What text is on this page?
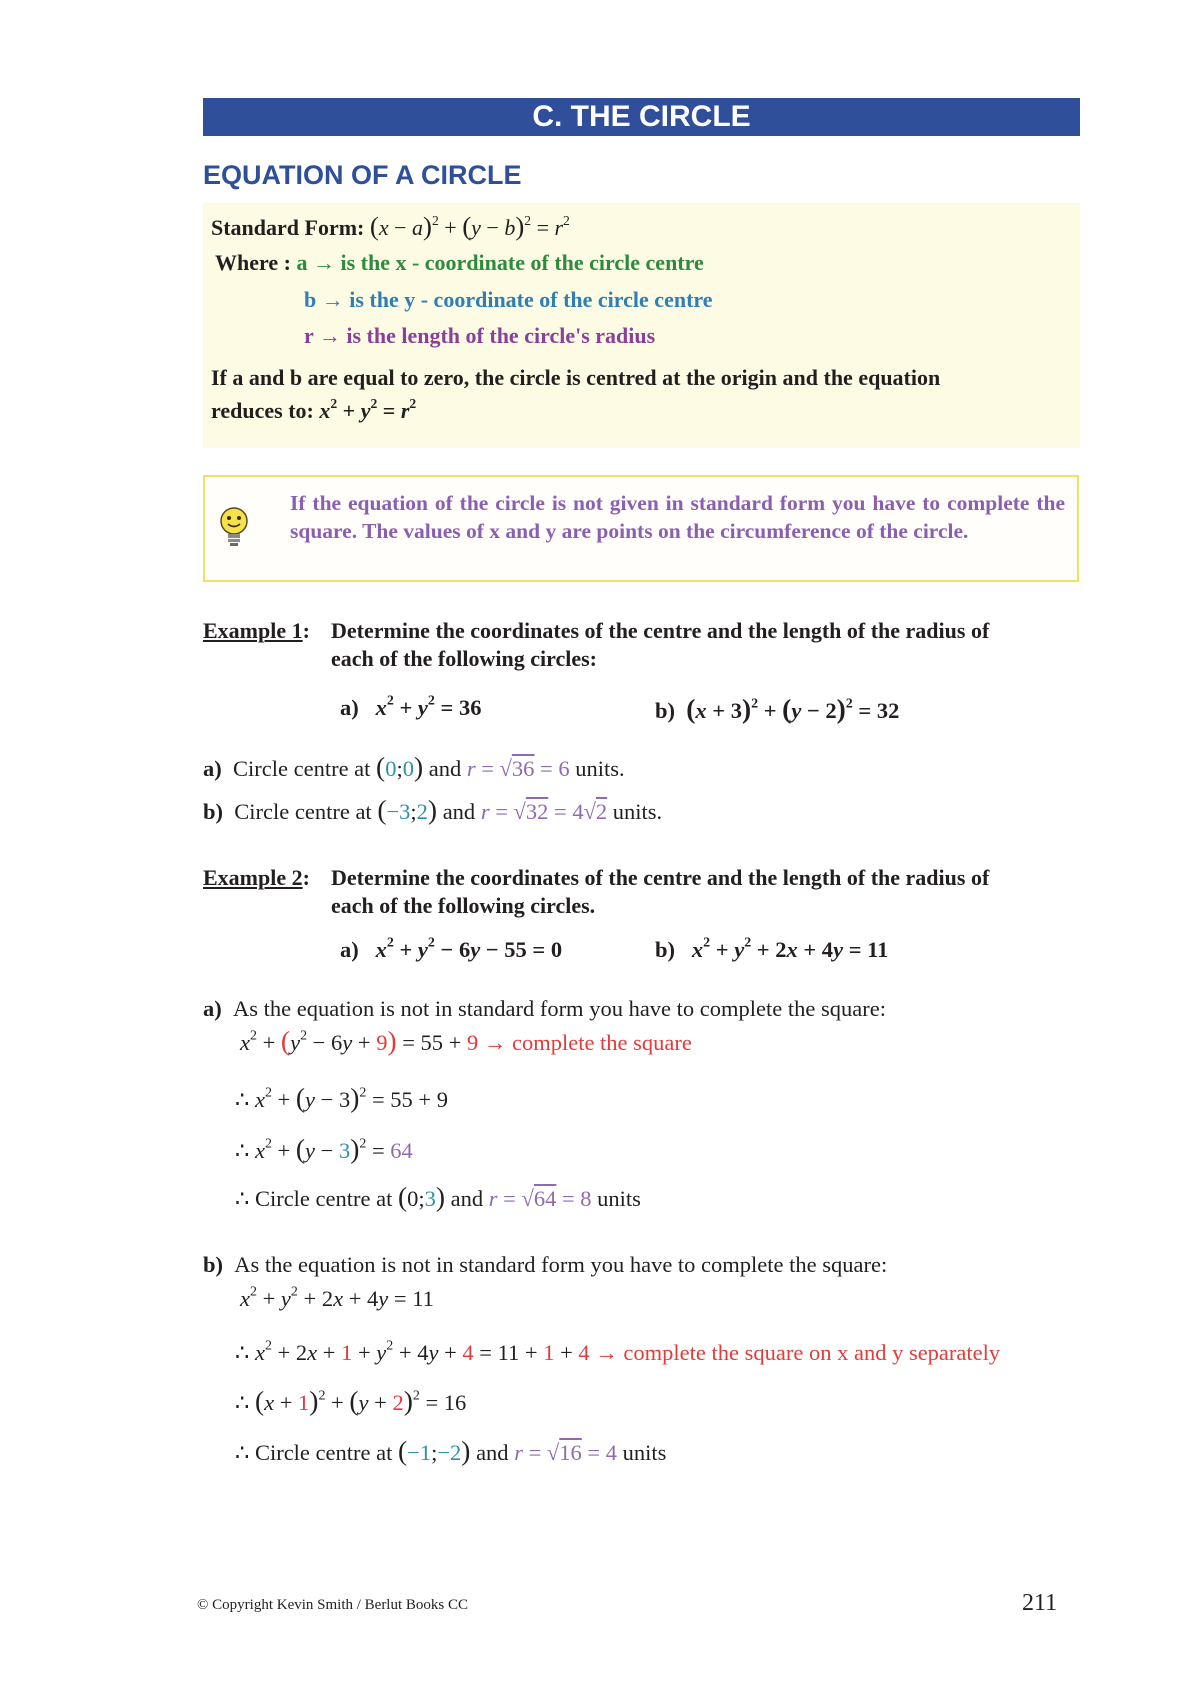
C. THE CIRCLE
EQUATION OF A CIRCLE
Standard Form: $(x - a)^2 + (y - b)^2 = r^2$
Where : a → is the x - coordinate of the circle centre
b → is the y - coordinate of the circle centre
r → is the length of the circle's radius
If a and b are equal to zero, the circle is centred at the origin and the equation
reduces to: $x^2 + y^2 = r^2$
If the equation of the circle is not given in standard form you have to complete the square. The values of x and y are points on the circumference of the circle.
Example 1: Determine the coordinates of the centre and the length of the radius of
each of the following circles:
a) $x^2 + y^2 = 36$	b) $(x + 3)^2 + (y - 2)^2 = 32$
a)  Circle centre at (0;0) and r = √36 = 6 units.
b)  Circle centre at (−3;2) and r = √32 = 4√2 units.
Example 2: Determine the coordinates of the centre and the length of the radius of
each of the following circles.
a) $x^2 + y^2 - 6y - 55 = 0$	b) $x^2 + y^2 + 2x + 4y = 11$
a) As the equation is not in standard form you have to complete the square:
$x^2 + (y^2 - 6y + 9) = 55 + 9$ → complete the square
∴ $x^2 + (y - 3)^2 = 55 + 9$
∴ $x^2 + (y - 3)^2 = 64$
∴ Circle centre at (0;3) and r = √64 = 8 units
b) As the equation is not in standard form you have to complete the square:
$x^2 + y^2 + 2x + 4y = 11$
∴ $x^2 + 2x + 1 + y^2 + 4y + 4 = 11 + 1 + 4$ → complete the square on x and y separately
∴ $(x + 1)^2 + (y + 2)^2 = 16$
∴ Circle centre at (−1;−2) and r = √16 = 4 units
© Copyright Kevin Smith / Berlut Books CC	211
